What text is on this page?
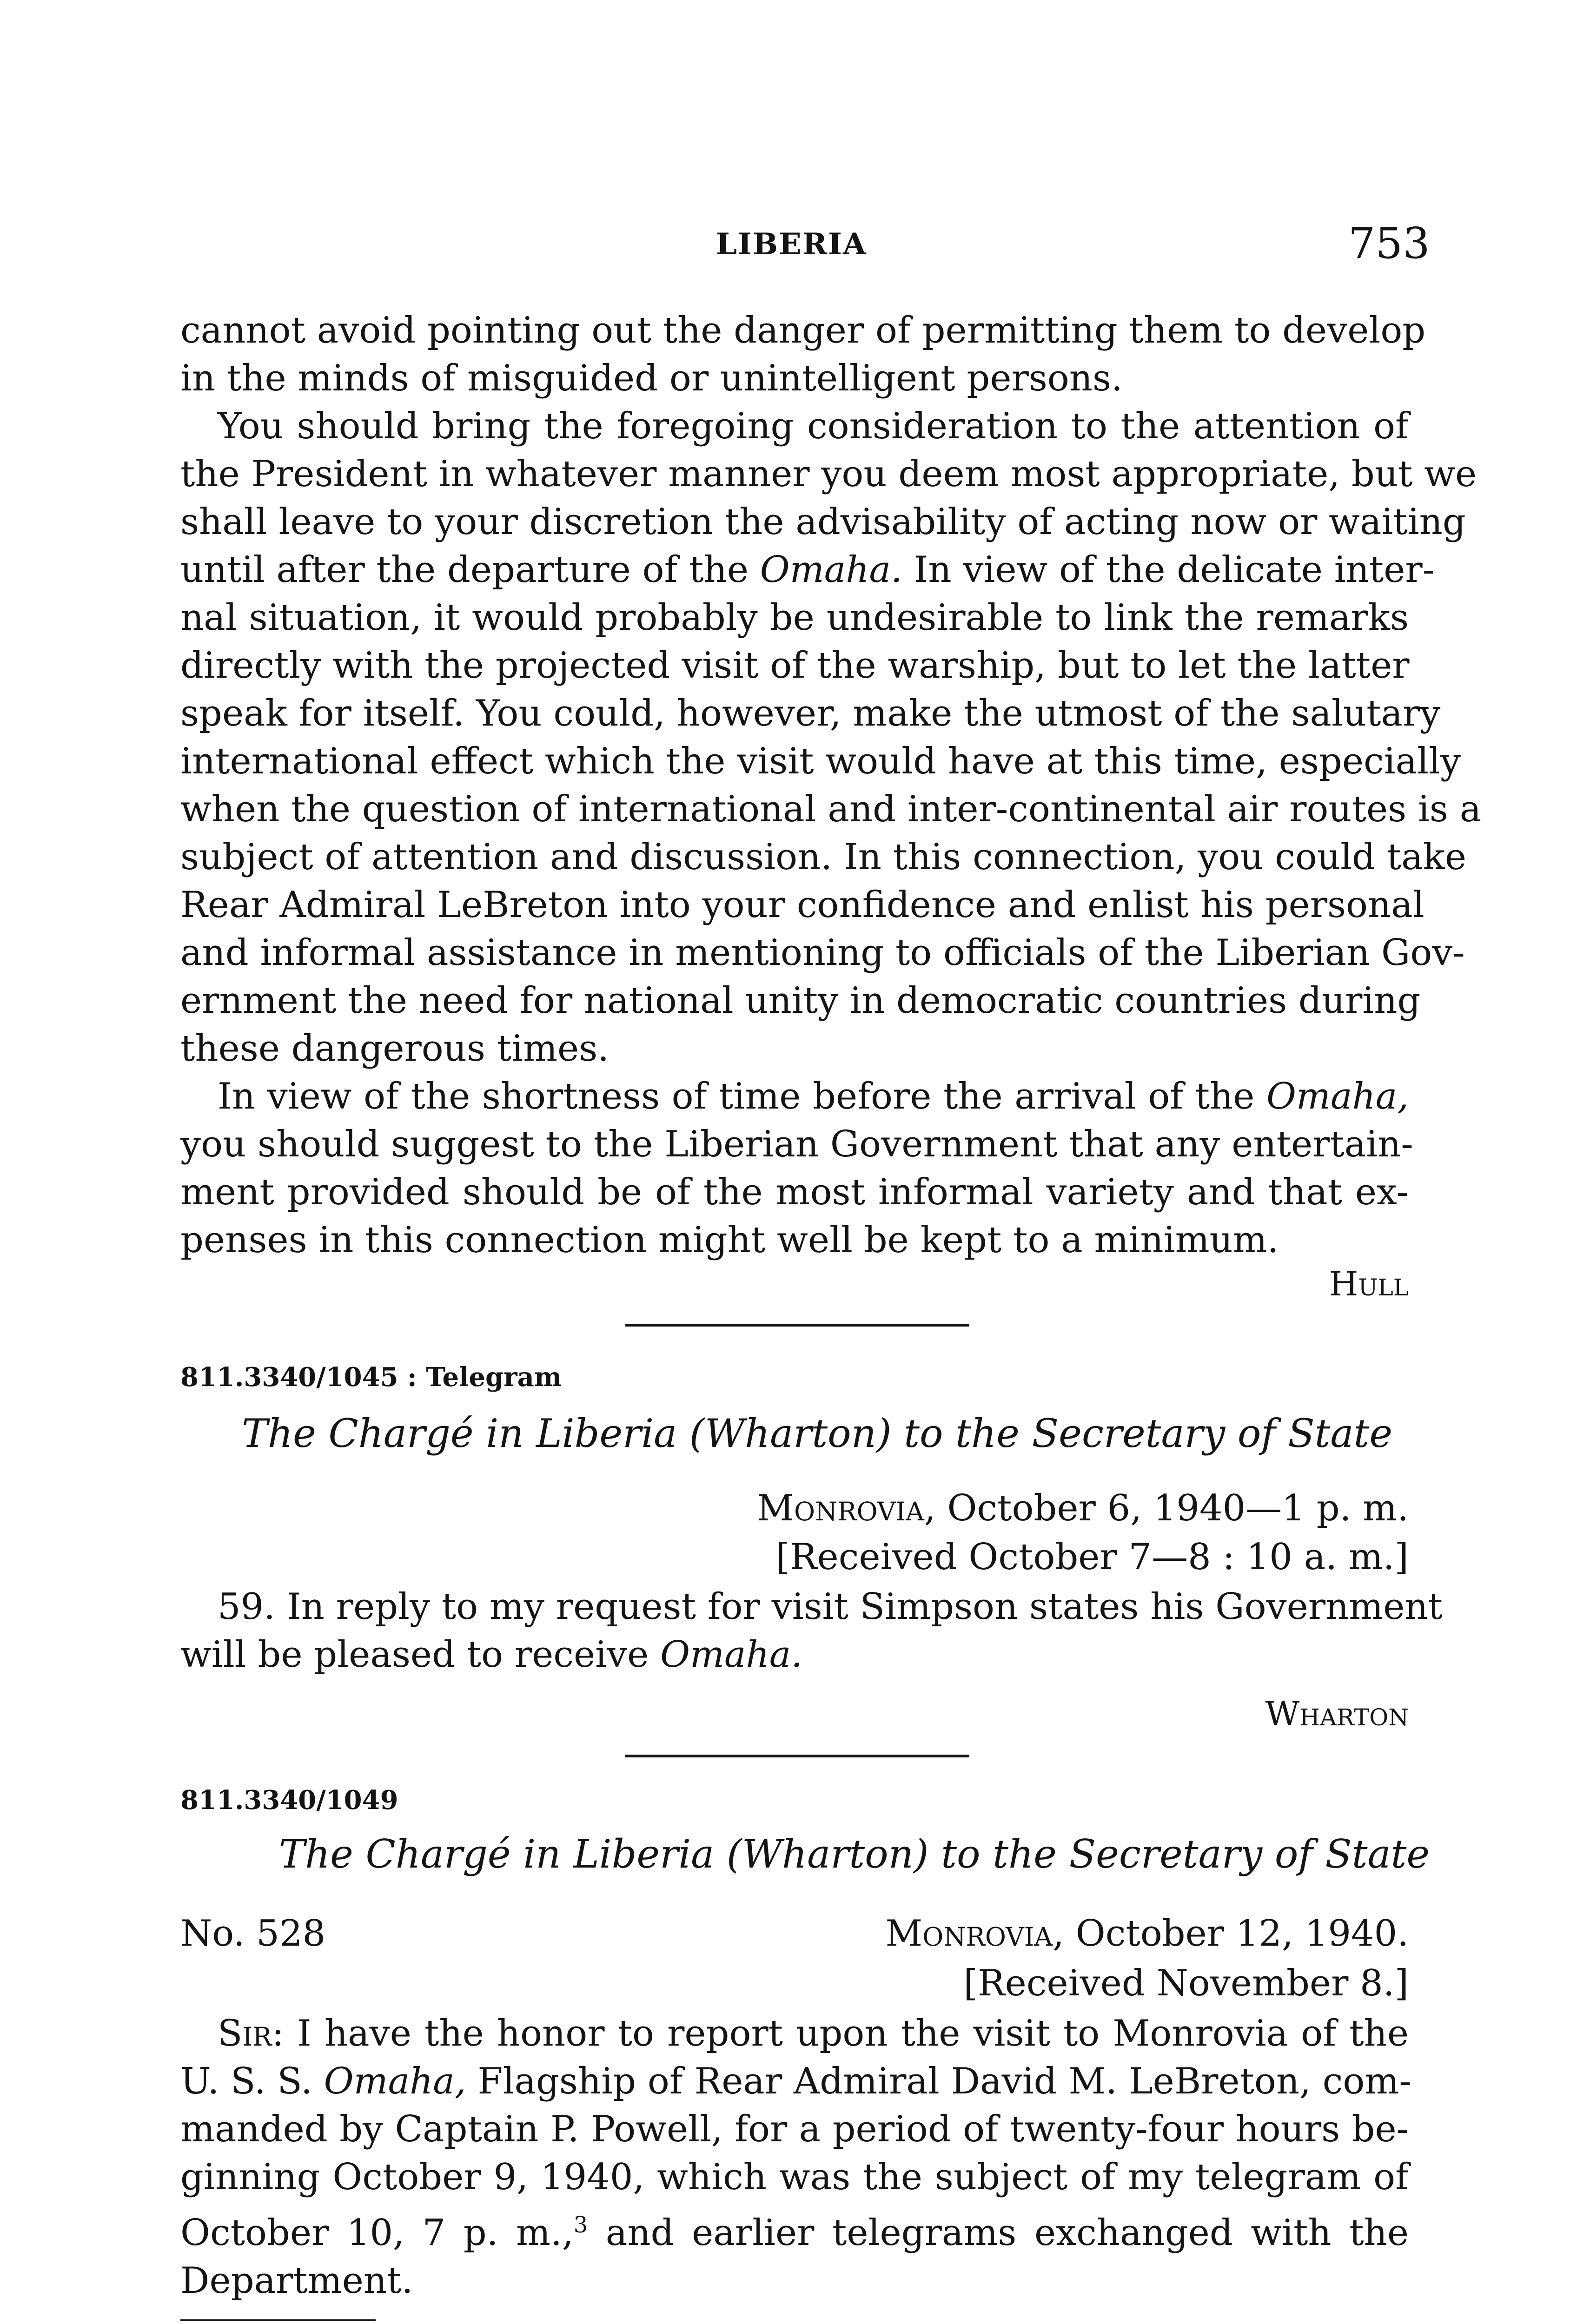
LIBERIA	753
cannot avoid pointing out the danger of permitting them to develop
in the minds of misguided or unintelligent persons.
You should bring the foregoing consideration to the attention of
the President in whatever manner you deem most appropriate, but we
shall leave to your discretion the advisability of acting now or waiting
until after the departure of the Omaha. In view of the delicate inter-
nal situation, it would probably be undesirable to link the remarks
directly with the projected visit of the warship, but to let the latter
speak for itself. You could, however, make the utmost of the salutary
international effect which the visit would have at this time, especially
when the question of international and inter-continental air routes is a
subject of attention and discussion. In this connection, you could take
Rear Admiral LeBreton into your confidence and enlist his personal
and informal assistance in mentioning to officials of the Liberian Gov-
ernment the need for national unity in democratic countries during
these dangerous times.
In view of the shortness of time before the arrival of the Omaha,
you should suggest to the Liberian Government that any entertain-
ment provided should be of the most informal variety and that ex-
penses in this connection might well be kept to a minimum.
Hull
811.3340/1045 : Telegram
The Chargé in Liberia (Wharton) to the Secretary of State
Monrovia, October 6, 1940—1 p. m.
[Received October 7—8 : 10 a. m.]
59. In reply to my request for visit Simpson states his Government
will be pleased to receive Omaha.
Wharton
811.3340/1049
The Chargé in Liberia (Wharton) to the Secretary of State
No. 528	Monrovia, October 12, 1940.
[Received November 8.]
Sir: I have the honor to report upon the visit to Monrovia of the
U. S. S. Omaha, Flagship of Rear Admiral David M. LeBreton, com-
manded by Captain P. Powell, for a period of twenty-four hours be-
ginning October 9, 1940, which was the subject of my telegram of
October 10, 7 p. m.,$^3$ and earlier telegrams exchanged with the
Department.
